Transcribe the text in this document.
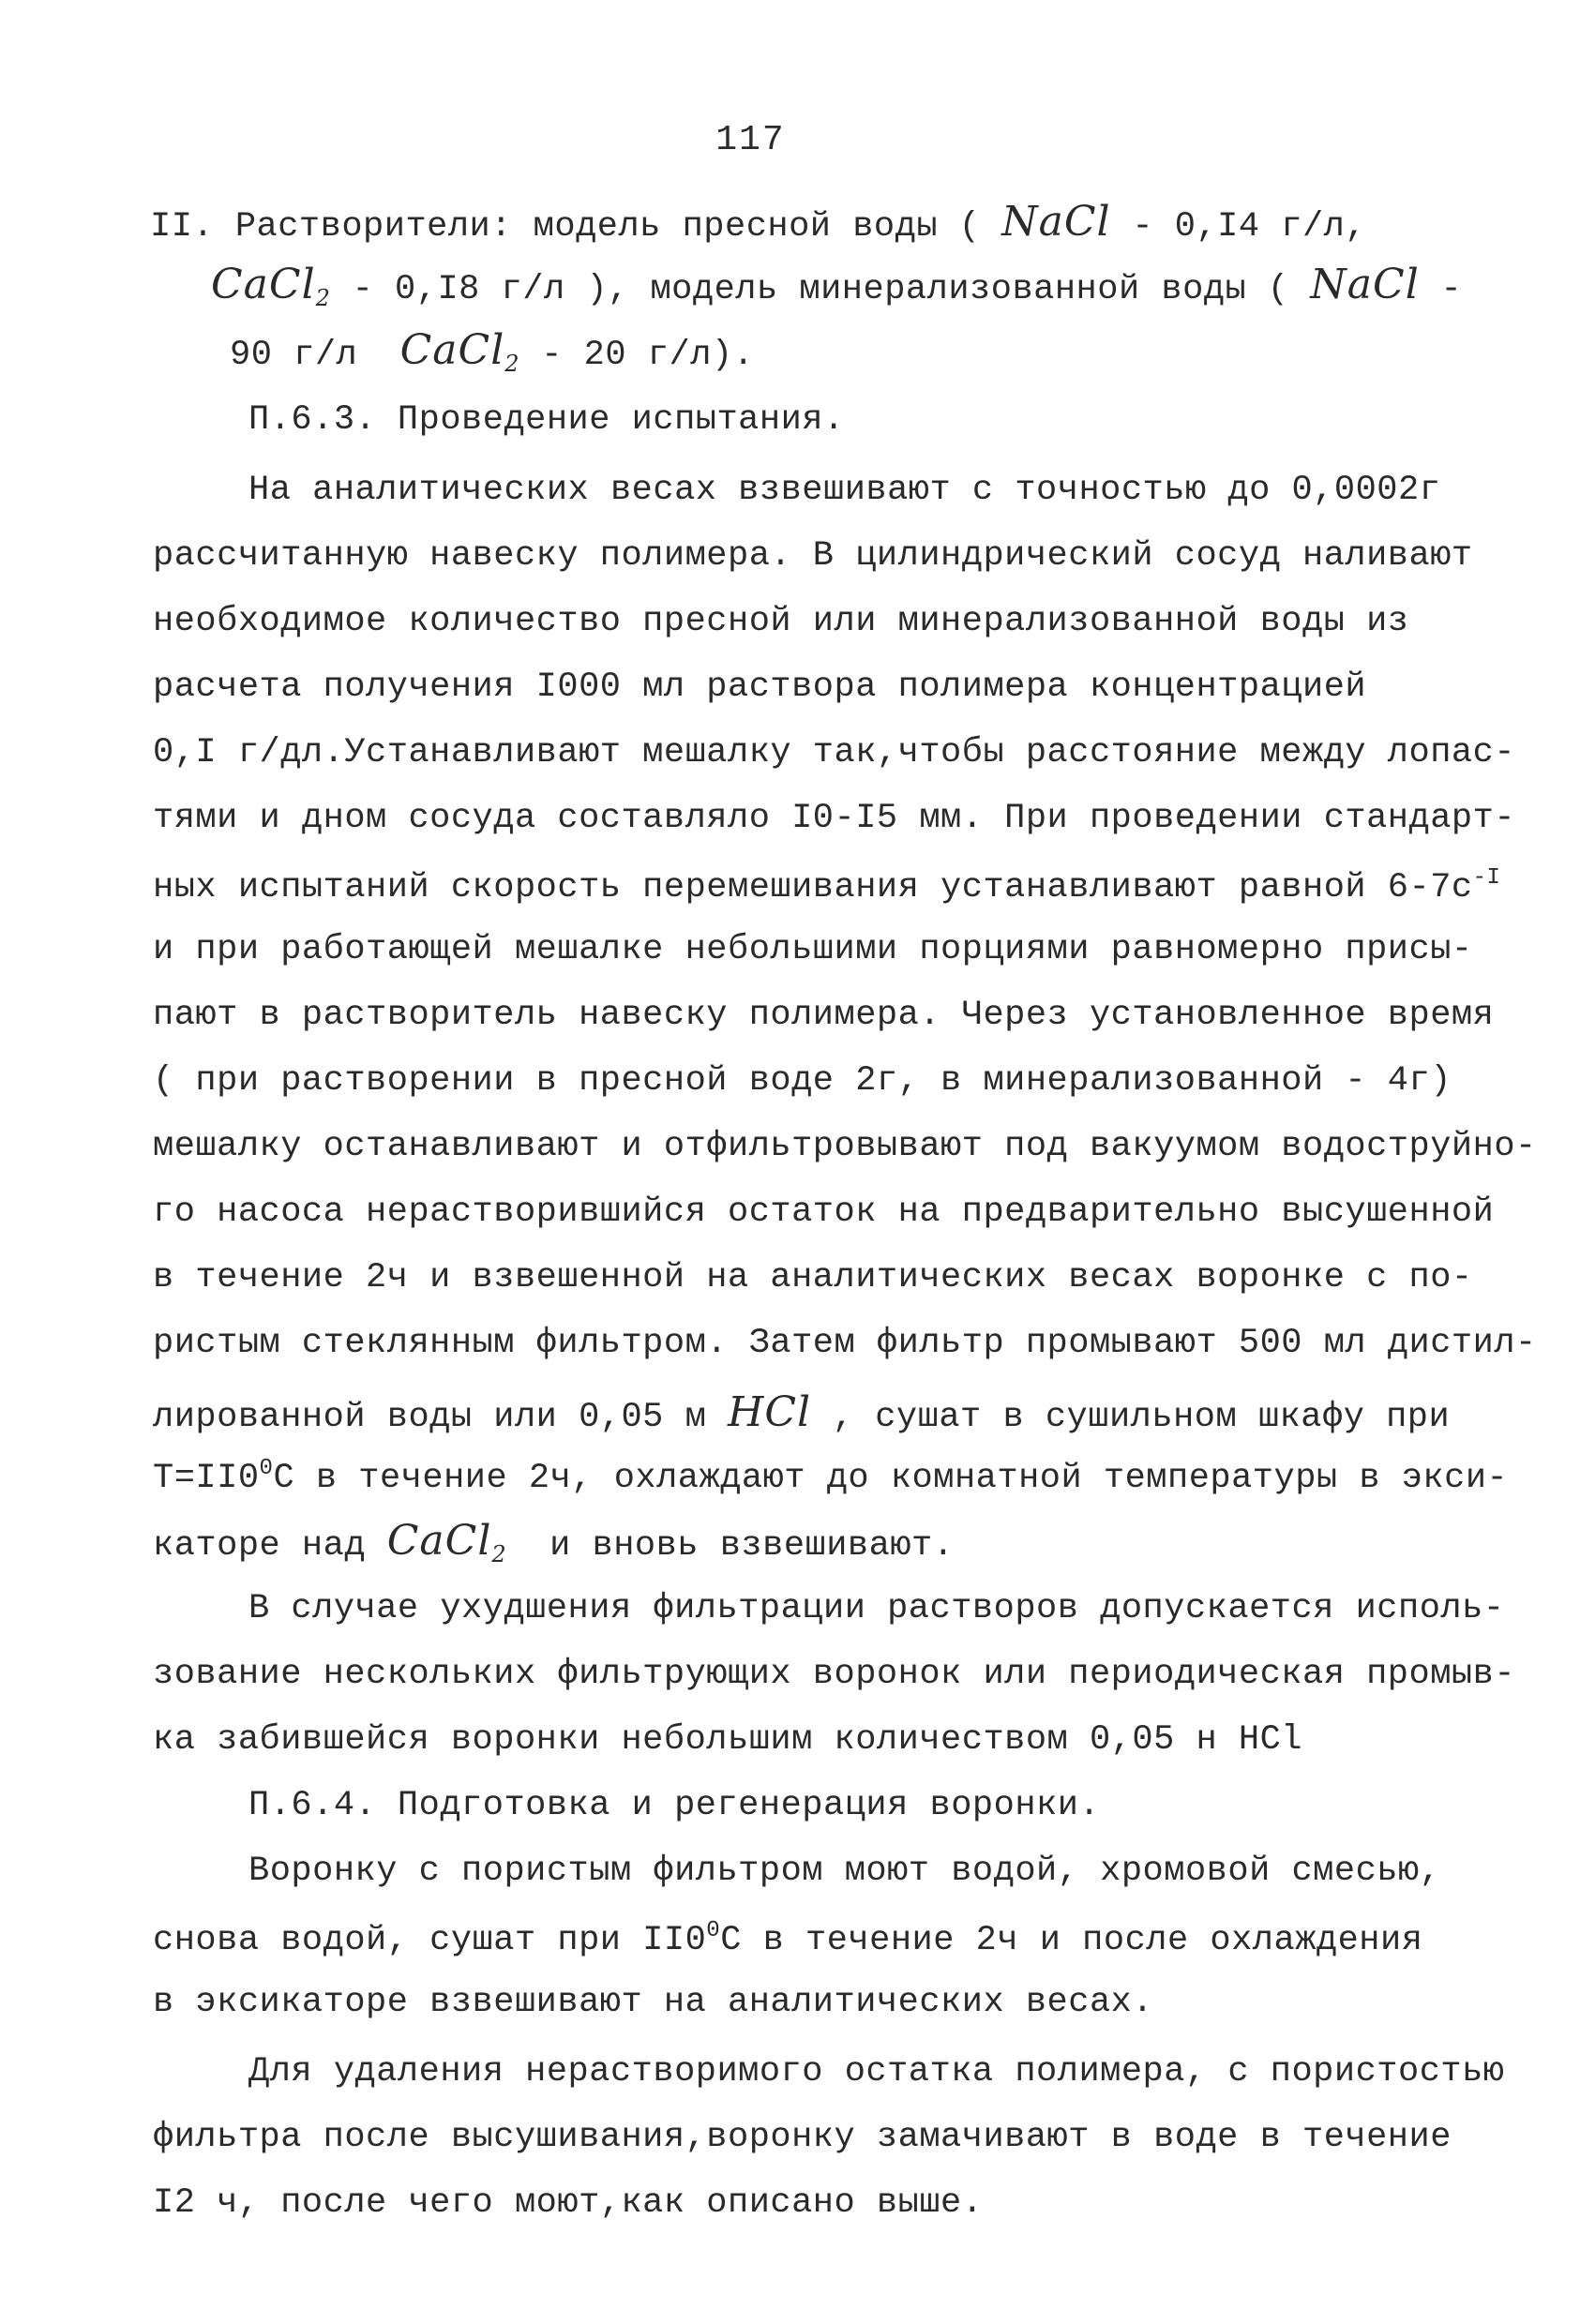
117
II. Растворители: модель пресной воды ( NaCl - 0,I4 г/л,
CaCl$_2$ - 0,I8 г/л ), модель минерализованной воды ( NaCl -
90 г/л  CaCl$_2$ - 20 г/л).
П.6.3. Проведение испытания.
На аналитических весах взвешивают с точностью до 0,0002г
рассчитанную навеску полимера. В цилиндрический сосуд наливают
необходимое количество пресной или минерализованной воды из
расчета получения I000 мл раствора полимера концентрацией
0,I г/дл.Устанавливают мешалку так,чтобы расстояние между лопас-
тями и дном сосуда составляло I0-I5 мм. При проведении стандарт-
ных испытаний скорость перемешивания устанавливают равной $6-7с^{-I}$
и при работающей мешалке небольшими порциями равномерно присы-
пают в растворитель навеску полимера. Через установленное время
( при растворении в пресной воде 2г, в минерализованной - 4г)
мешалку останавливают и отфильтровывают под вакуумом водоструйно-
го насоса нерастворившийся остаток на предварительно высушенной
в течение 2ч и взвешенной на аналитических весах воронке с по-
ристым стеклянным фильтром. Затем фильтр промывают 500 мл дистил-
лированной воды или 0,05 м HCl , сушат в сушильном шкафу при
$Т=II0^0С$ в течение 2ч, охлаждают до комнатной температуры в экси-
каторе над CaCl$_2$  и вновь взвешивают.
В случае ухудшения фильтрации растворов допускается исполь-
зование нескольких фильтрующих воронок или периодическая промыв-
ка забившейся воронки небольшим количеством 0,05 н HCl
П.6.4. Подготовка и регенерация воронки.
Воронку с пористым фильтром моют водой, хромовой смесью,
снова водой, сушат при $II0^0С$ в течение 2ч и после охлаждения
в эксикаторе взвешивают на аналитических весах.
Для удаления нерастворимого остатка полимера, с пористостью
фильтра после высушивания,воронку замачивают в воде в течение
I2 ч, после чего моют,как описано выше.
